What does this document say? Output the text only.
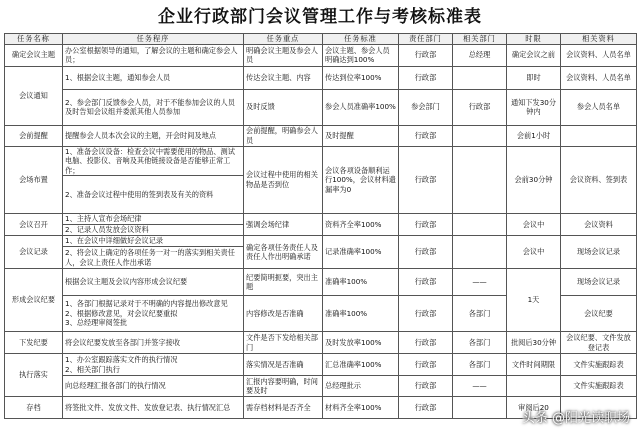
企业行政部门会议管理工作与考核标准表
任务名称	任务程序	任务重点	任务标准	责任部门	相关部门	时限	相关资料
确定会议主题	办公室根据领导的通知，了解会议的主题和确定参会人员；	明确会议主题及参会人员	会议主题、参会人员明确达到100%	行政部	总经理	确定会议之前	会议资料、人员名单
会议通知	1、根据会议主题，通知参会人员	传达会议主题、内容	传达到位率100%	行政部		即时	会议资料、人员名单
	2、参会部门反馈参会人员，对于不能参加会议的人员及时告知会议组并委派其他人员参加	及时反馈	参会人员准确率100%	参会部门	行政部	通知下发30分钟内	参会人员名单
会前提醒	提醒参会人员本次会议的主题，开会时间及地点	会前提醒，明确参会人员	及时提醒	行政部		会前1小时	
会场布置	1、准备会议设备：检查会议中需要使用的物品、测试电脑、投影仪、音响及其他链接设备是否能够正常工作；	会议过程中使用的相关物品是否到位	会议各项设备顺利运行100%，会议材料遗漏率为0	行政部		会前30分钟	会议资料、签到表
	2、准备会议过程中使用的签到表及有关的资料						
会议召开	1、主持人宣布会场纪律	强调会场纪律	资料齐全率100%	行政部		会议中	会议资料
	2、记录人员发放会议资料						
会议记录	1、在会议中详细做好会议记录	确定各项任务责任人及责任人作出明确承诺	记录准确率100%	行政部		会议中	现场会议记录
	2、将会议上确定的各项任务一对一的落实到相关责任人，会议上责任人作出承诺						
形成会议纪要	根据会议主题及会议内容形成会议纪要	纪要简明扼要，突出主题	准确率100%	行政部	——	1天	现场会议记录

	1、各部门根据记录对于不明确的内容提出修改意见
2、根据修改意见，对会议纪要重拟
3、总经理审阅签批	内容修改是否准确	准确率100%	行政部	各部门		会议纪要
下发纪要	将会议纪要发放至各部门并签字接收	文件是否下发给相关部门	及时发放率100%	行政部	各部门	批阅后30分钟	会议纪要、文件发放登记表
执行落实	1、办公室跟踪落实文件的执行情况
2、相关部门执行	落实情况是否准确	汇总准确率100%	行政部	各部门	文件时间期限	文件实施跟踪表
	向总经理汇报各部门的执行情况	汇报内容要明确，时间要及时	总经理批示	行政部	——		文件实施跟踪表
存档	将签批文件、发放文件、发放登记表、执行情况汇总	需存档材料是否齐全	材料齐全率100%	行政部		审阅后20	
头条 @阳光读职场
